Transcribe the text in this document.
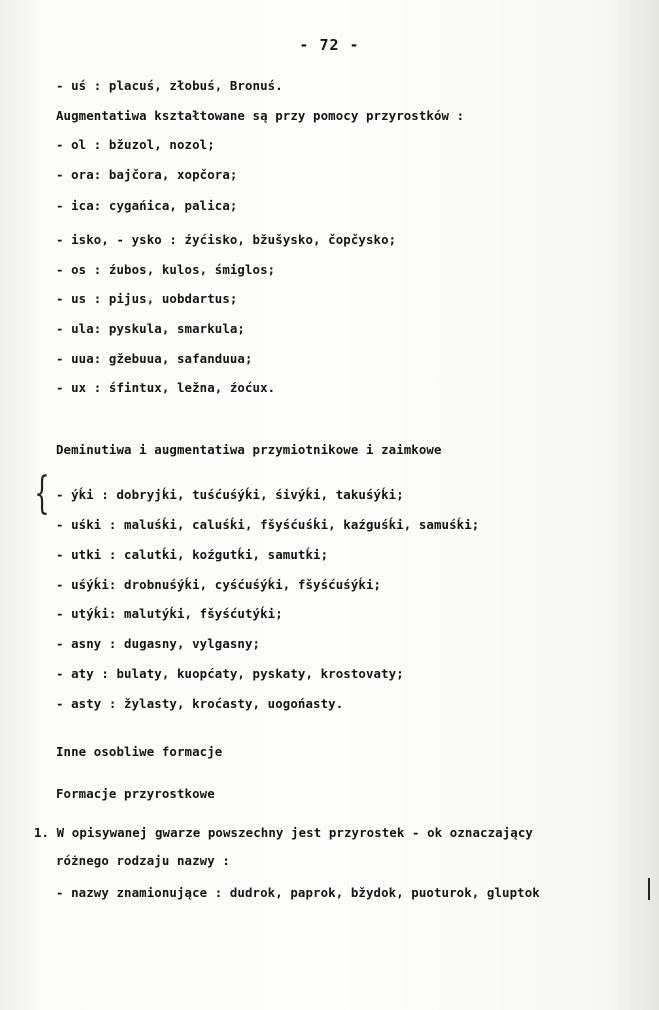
- 72 -
- uś : placuś, złobuś, Bronuś.
Augmentatiwa kształtowane są przy pomocy przyrostków :
- ol : bžuzol, nozol;
- ora: bajčora, xopčora;
- ica: cygańica, palica;
- isko, - ysko : źyćisko, bžušysko, čopčysko;
- os : źubos, kulos, śmiglos;
- us : pijus, uobdartus;
- ula: pyskula, smarkula;
- uua: gžebuua, safanduua;
- ux : śfintux, ležna, źoćux.
Deminutiwa i augmentatiwa przymiotnikowe i zaimkowe
{ - ýḱi : dobryjḱi, tuśćuśýḱi, śivýḱi, takuśýḱi;
- uśki : maluśḱi, caluśḱi, fšyśćuśḱi, kaźguśḱi, samuśḱi;
- utki : calutḱi, koźgutḱi, samutḱi;
- uśýḱi: drobnuśýḱi, cyśćuśýḱi, fšyśćuśýḱi;
- utýḱi: malutýḱi, fšyśćutýḱi;
- asny : dugasny, vylgasny;
- aty : bulaty, kuopćaty, pyskaty, krostovaty;
- asty : žylasty, kroćasty, uogońasty.
Inne osobliwe formacje
Formacje przyrostkowe
1. W opisywanej gwarze powszechny jest przyrostek - ok oznaczający
różnego rodzaju nazwy :
- nazwy znamionujące : dudrok, paprok, bžydok, puoturok, gluptok
